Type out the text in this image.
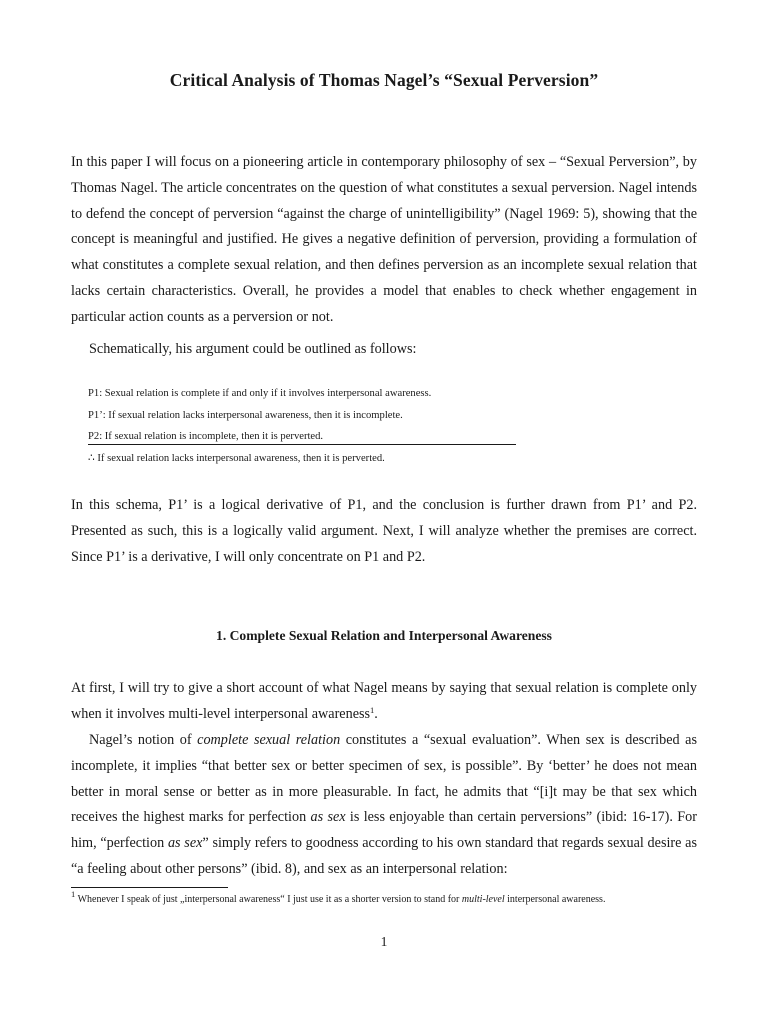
Critical Analysis of Thomas Nagel’s “Sexual Perversion”

In this paper I will focus on a pioneering article in contemporary philosophy of sex – “Sexual Perversion”, by Thomas Nagel. The article concentrates on the question of what constitutes a sexual perversion. Nagel intends to defend the concept of perversion “against the charge of unintelligibility” (Nagel 1969: 5), showing that the concept is meaningful and justified. He gives a negative definition of perversion, providing a formulation of what constitutes a complete sexual relation, and then defines perversion as an incomplete sexual relation that lacks certain characteristics. Overall, he provides a model that enables to check whether engagement in particular action counts as a perversion or not.

Schematically, his argument could be outlined as follows:

P1: Sexual relation is complete if and only if it involves interpersonal awareness.
P1’: If sexual relation lacks interpersonal awareness, then it is incomplete.
P2: If sexual relation is incomplete, then it is perverted.
∴ If sexual relation lacks interpersonal awareness, then it is perverted.

In this schema, P1’ is a logical derivative of P1, and the conclusion is further drawn from P1’ and P2. Presented as such, this is a logically valid argument. Next, I will analyze whether the premises are correct. Since P1’ is a derivative, I will only concentrate on P1 and P2.

1. Complete Sexual Relation and Interpersonal Awareness

At first, I will try to give a short account of what Nagel means by saying that sexual relation is complete only when it involves multi-level interpersonal awareness$^1$.

Nagel’s notion of complete sexual relation constitutes a “sexual evaluation”. When sex is described as incomplete, it implies “that better sex or better specimen of sex, is possible”. By ‘better’ he does not mean better in moral sense or better as in more pleasurable. In fact, he admits that “[i]t may be that sex which receives the highest marks for perfection as sex is less enjoyable than certain perversions” (ibid: 16-17). For him, “perfection as sex” simply refers to goodness according to his own standard that regards sexual desire as “a feeling about other persons” (ibid. 8), and sex as an interpersonal relation:

$^1$ Whenever I speak of just „interpersonal awareness“ I just use it as a shorter version to stand for multi-level interpersonal awareness.
1
